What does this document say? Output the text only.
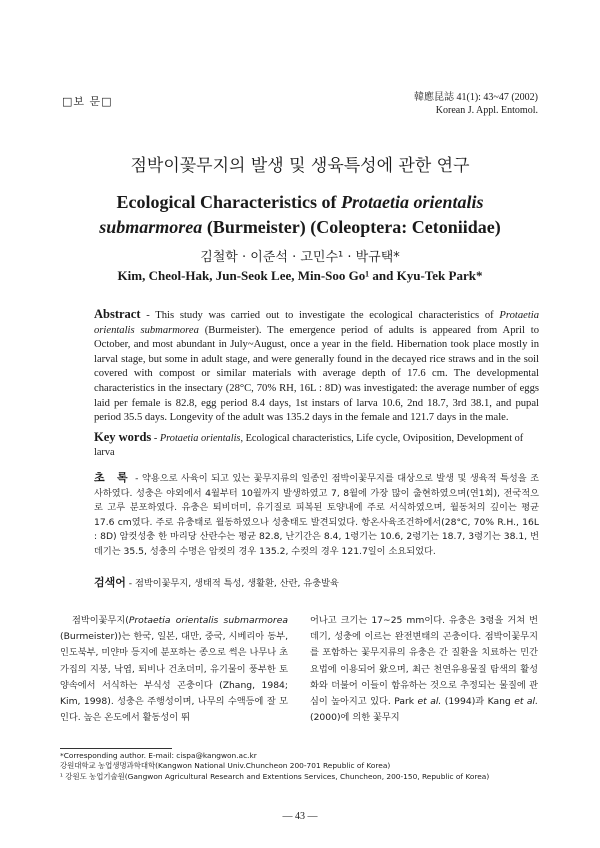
□보 문□	韓應昆誌 41(1): 43~47 (2002)
Korean J. Appl. Entomol.
점박이꽃무지의 발생 및 생육특성에 관한 연구
Ecological Characteristics of Protaetia orientalis
submarmorea (Burmeister) (Coleoptera: Cetoniidae)
김철학 · 이준석 · 고민수¹ · 박규택*
Kim, Cheol-Hak, Jun-Seok Lee, Min-Soo Go¹ and Kyu-Tek Park*
Abstract - This study was carried out to investigate the ecological characteristics of Protaetia orientalis submarmorea (Burmeister). The emergence period of adults is appeared from April to October, and most abundant in July~August, once a year in the field. Hibernation took place mostly in larval stage, but some in adult stage, and were generally found in the decayed rice straws and in the soil covered with compost or similar materials with average depth of 17.6 cm. The developmental characteristics in the insectary (28°C, 70% RH, 16L : 8D) was investigated: the average number of eggs laid per female is 82.8, egg period 8.4 days, 1st instars of larva 10.6, 2nd 18.7, 3rd 38.1, and pupal period 35.5 days. Longevity of the adult was 135.2 days in the female and 121.7 days in the male.
Key words - Protaetia orientalis, Ecological characteristics, Life cycle, Oviposition, Development of larva
초 록 - 약용으로 사육이 되고 있는 꽃무지류의 일종인 점박이꽃무지를 대상으로 발생 및 생육적 특성을 조사하였다. 성충은 야외에서 4월부터 10월까지 발생하였고 7, 8월에 가장 많이 출현하였으며(연1회), 전국적으로 고루 분포하였다. 유충은 퇴비더미, 유기질로 피복된 토양내에 주로 서식하였으며, 월동처의 깊이는 평균 17.6 cm였다. 주로 유충태로 월동하였으나 성충태도 발견되었다. 항온사육조건하에서(28°C, 70% R.H., 16L : 8D) 암컷성충 한 마리당 산란수는 평균 82.8, 난기간은 8.4, 1령기는 10.6, 2령기는 18.7, 3령기는 38.1, 번데기는 35.5, 성충의 수명은 암컷의 경우 135.2, 수컷의 경우 121.7일이 소요되었다.
검색어 - 점박이꽃무지, 생태적 특성, 생활환, 산란, 유충발육
점박이꽃무지(Protaetia orientalis submarmorea (Burmeister))는 한국, 일본, 대만, 중국, 시베리아 동부, 인도북부, 미얀마 등지에 분포하는 종으로 썩은 나무나 초가집의 지붕, 낙엽, 퇴비나 건초더미, 유기물이 풍부한 토양속에서 서식하는 부식성 곤충이다 (Zhang, 1984; Kim, 1998). 성충은 주행성이며, 나무의 수액등에 잘 모인다. 높은 온도에서 활동성이 뛰
어나고 크기는 17~25 mm이다. 유충은 3령을 거쳐 번데기, 성충에 이르는 완전변태의 곤충이다. 점박이꽃무지를 포함하는 꽃무지류의 유충은 간 질환을 치료하는 민간요법에 이용되어 왔으며, 최근 천연유용물질 탐색의 활성화와 더불어 이들이 함유하는 것으로 추정되는 물질에 관심이 높아지고 있다. Park et al. (1994)과 Kang et al. (2000)에 의한 꽃무지
*Corresponding author. E-mail: cispa@kangwon.ac.kr
강원대학교 농업생명과학대학(Kangwon National Univ.Chuncheon 200-701 Republic of Korea)
¹ 강원도 농업기술원(Gangwon Agricultural Research and Extentions Services, Chuncheon, 200-150, Republic of Korea)
— 43 —
